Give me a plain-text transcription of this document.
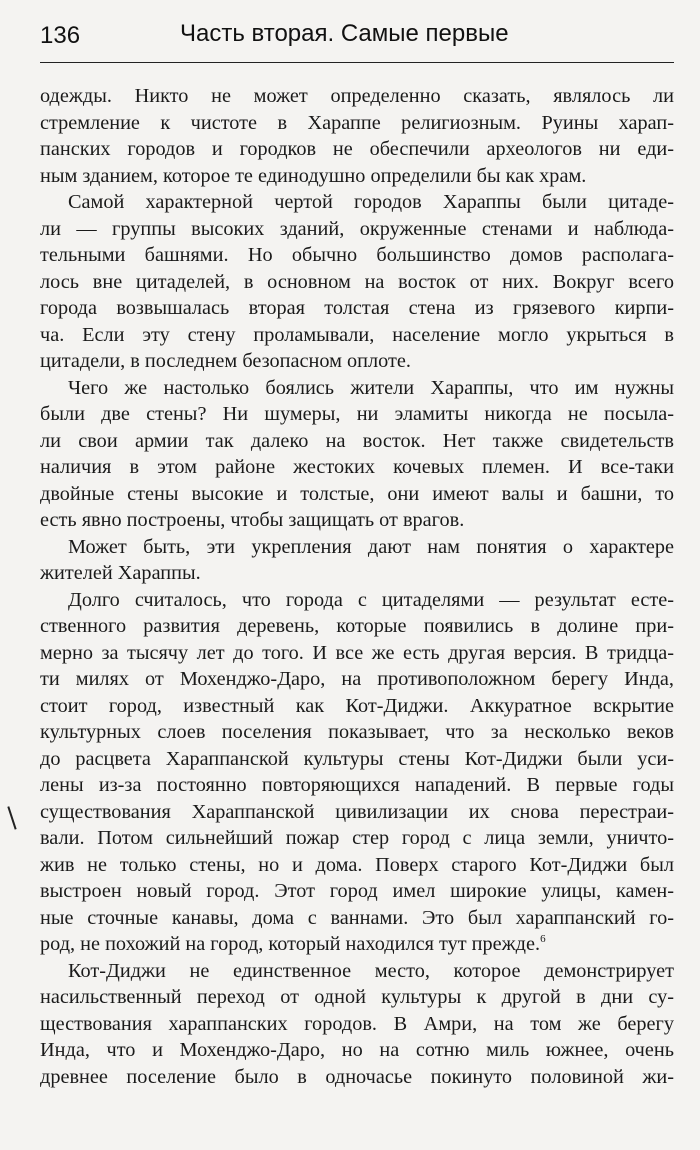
136	Часть вторая. Самые первые
одежды. Никто не может определенно сказать, являлось ли
стремление к чистоте в Хараппе религиозным. Руины харап-
панских городов и городков не обеспечили археологов ни еди-
ным зданием, которое те единодушно определили бы как храм.
Самой характерной чертой городов Хараппы были цитаде-
ли — группы высоких зданий, окруженные стенами и наблюда-
тельными башнями. Но обычно большинство домов располага-
лось вне цитаделей, в основном на восток от них. Вокруг всего
города возвышалась вторая толстая стена из грязевого кирпи-
ча. Если эту стену проламывали, население могло укрыться в
цитадели, в последнем безопасном оплоте.
Чего же настолько боялись жители Хараппы, что им нужны
были две стены? Ни шумеры, ни эламиты никогда не посыла-
ли свои армии так далеко на восток. Нет также свидетельств
наличия в этом районе жестоких кочевых племен. И все-таки
двойные стены высокие и толстые, они имеют валы и башни, то
есть явно построены, чтобы защищать от врагов.
Может быть, эти укрепления дают нам понятия о характере
жителей Хараппы.
Долго считалось, что города с цитаделями — результат есте-
ственного развития деревень, которые появились в долине при-
мерно за тысячу лет до того. И все же есть другая версия. В тридца-
ти милях от Мохенджо-Даро, на противоположном берегу Инда,
стоит город, известный как Кот-Диджи. Аккуратное вскрытие
культурных слоев поселения показывает, что за несколько веков
до расцвета Хараппанской культуры стены Кот-Диджи были уси-
лены из-за постоянно повторяющихся нападений. В первые годы
существования Хараппанской цивилизации их снова перестраи-
вали. Потом сильнейший пожар стер город с лица земли, уничто-
жив не только стены, но и дома. Поверх старого Кот-Диджи был
выстроен новый город. Этот город имел широкие улицы, камен-
ные сточные канавы, дома с ваннами. Это был хараппанский го-
род, не похожий на город, который находился тут прежде.$^6$
Кот-Диджи не единственное место, которое демонстрирует
насильственный переход от одной культуры к другой в дни су-
ществования хараппанских городов. В Амри, на том же берегу
Инда, что и Мохенджо-Даро, но на сотню миль южнее, очень
древнее поселение было в одночасье покинуто половиной жи-
